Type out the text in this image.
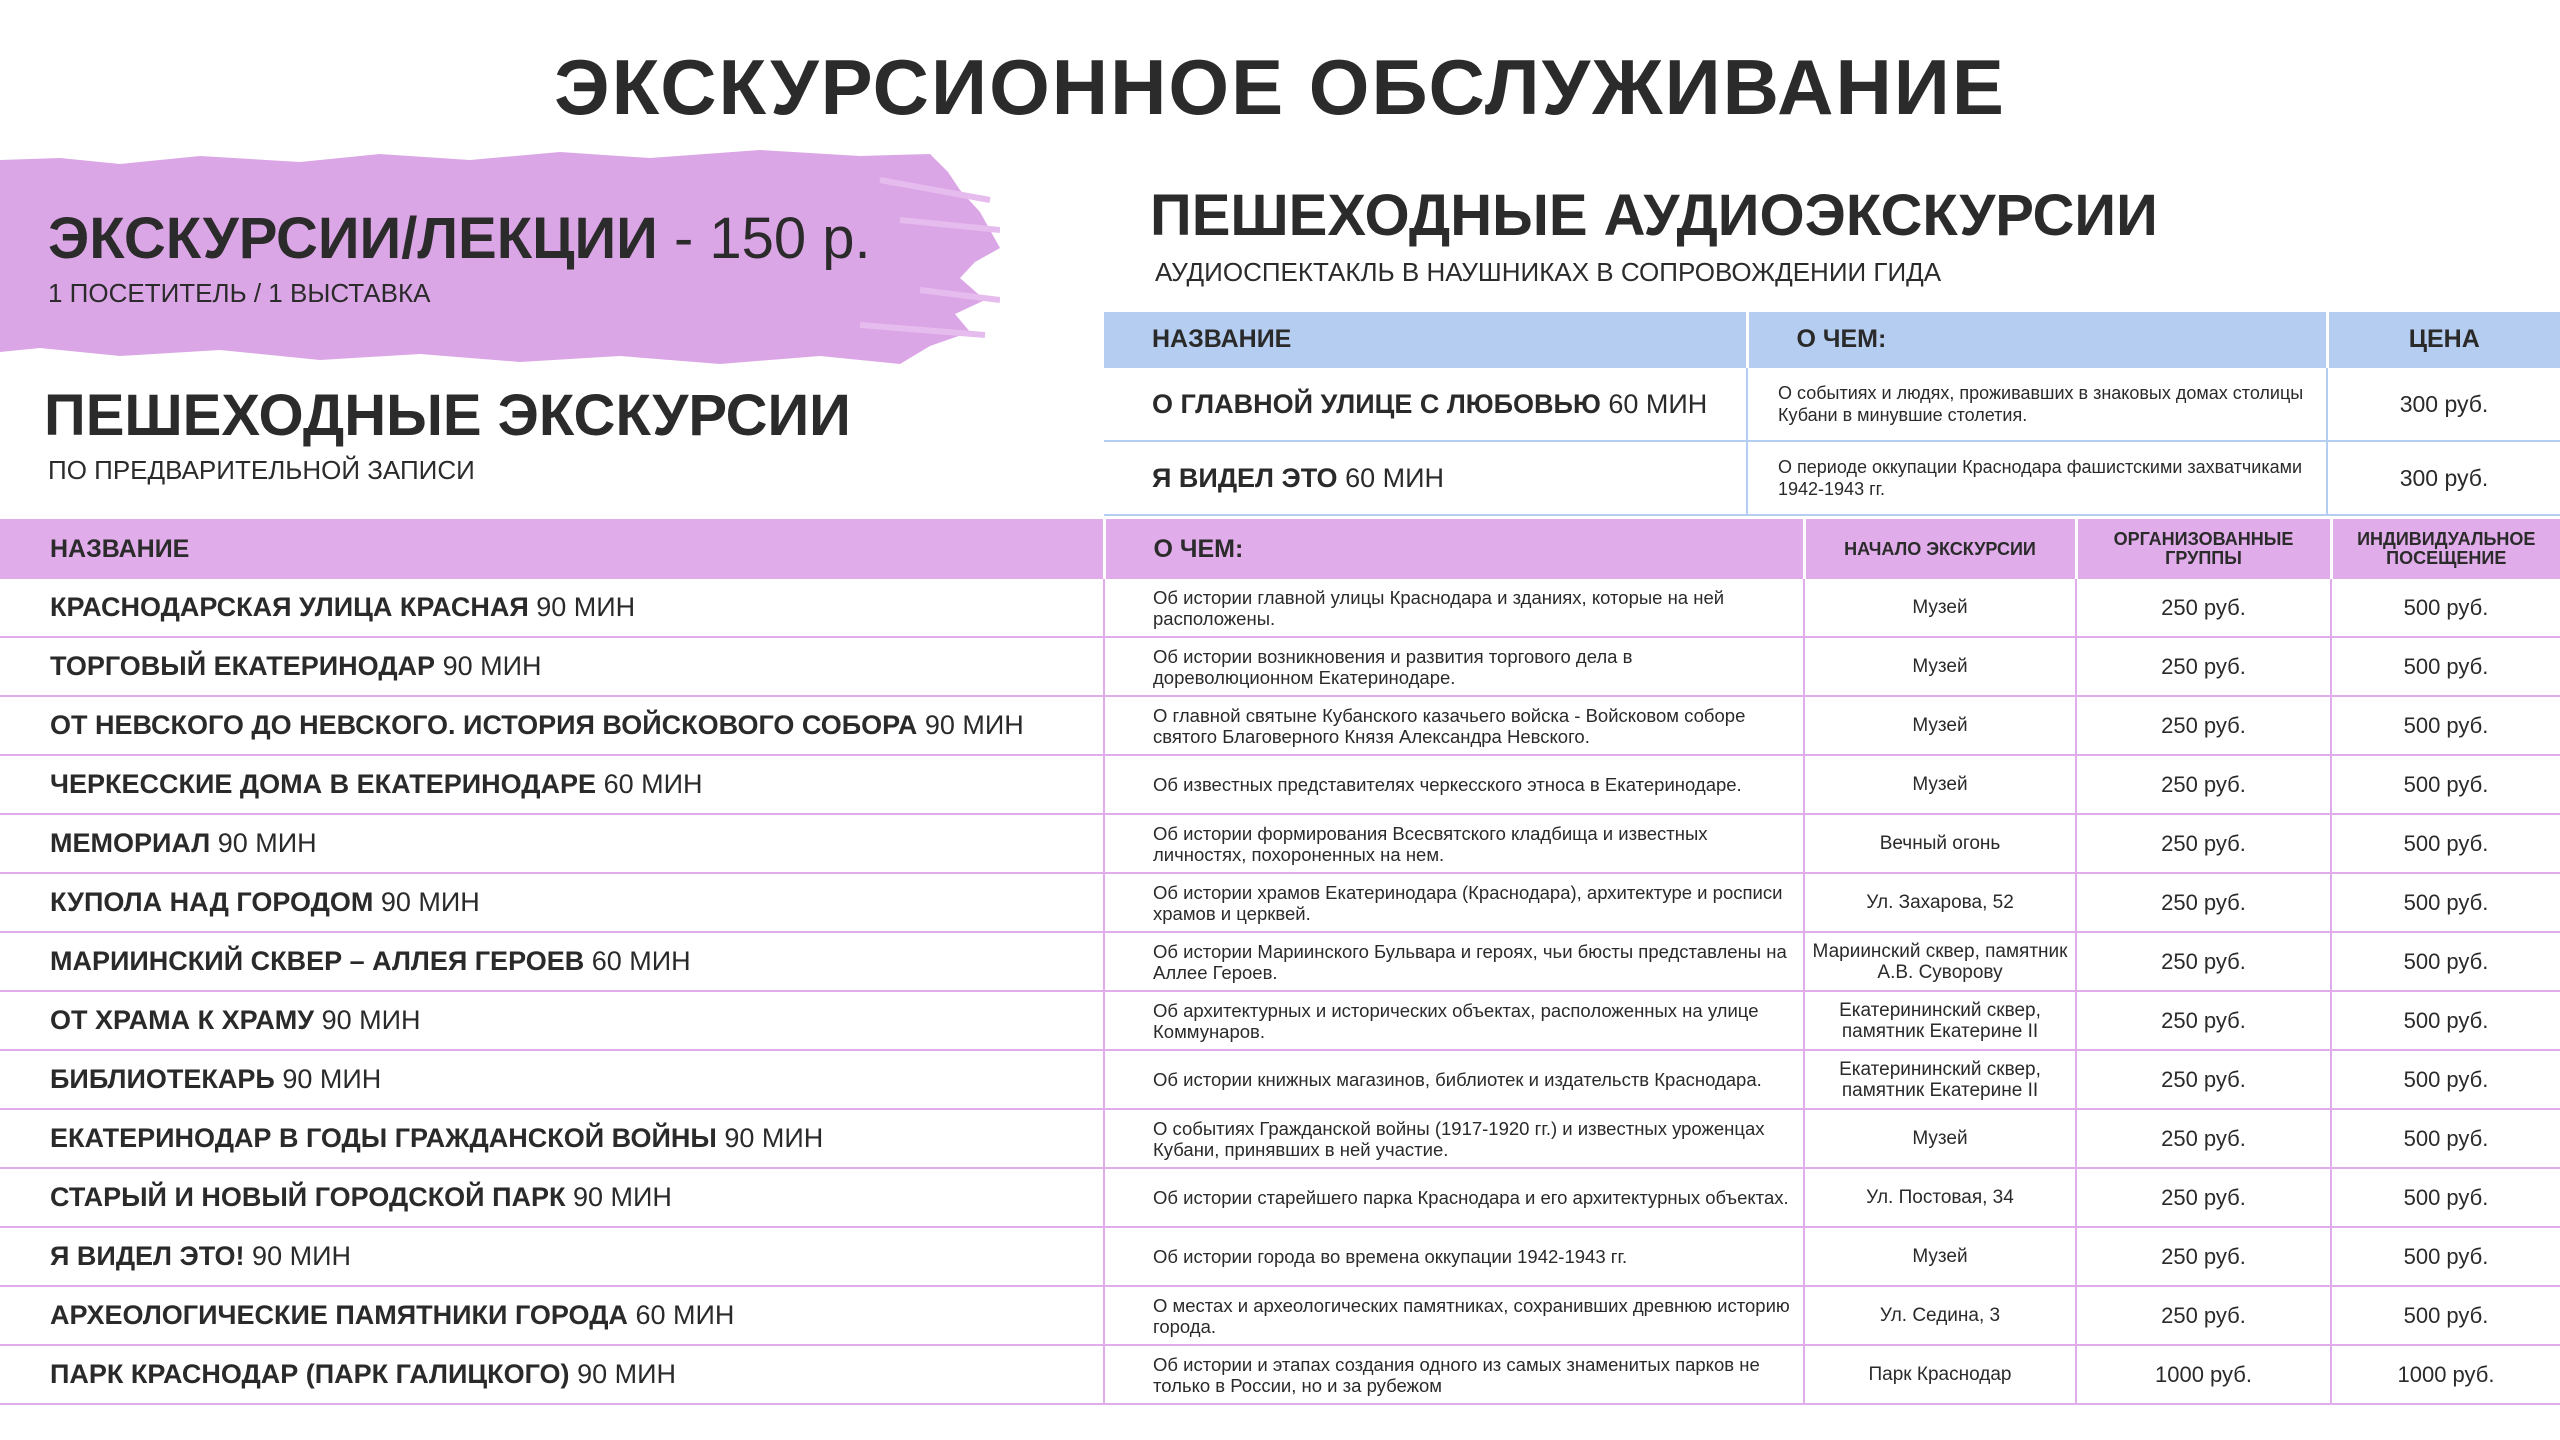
ЭКСКУРСИОННОЕ ОБСЛУЖИВАНИЕ
ЭКСКУРСИИ/ЛЕКЦИИ - 150 р.
1 ПОСЕТИТЕЛЬ / 1 ВЫСТАВКА
ПЕШЕХОДНЫЕ ЭКСКУРСИИ
ПО ПРЕДВАРИТЕЛЬНОЙ ЗАПИСИ
ПЕШЕХОДНЫЕ АУДИОЭКСКУРСИИ
АУДИОСПЕКТАКЛЬ В НАУШНИКАХ В СОПРОВОЖДЕНИИ ГИДА
НАЗВАНИЕ	О ЧЕМ:	ЦЕНА
О ГЛАВНОЙ УЛИЦЕ С ЛЮБОВЬЮ 60 МИН	О событиях и людях, проживавших в знаковых домах столицы Кубани в минувшие столетия.	300 руб.
Я ВИДЕЛ ЭТО 60 МИН	О периоде оккупации Краснодара фашистскими захватчиками 1942-1943 гг.	300 руб.
НАЗВАНИЕ	О ЧЕМ:	НАЧАЛО ЭКСКУРСИИ	ОРГАНИЗОВАННЫЕ ГРУППЫ	ИНДИВИДУАЛЬНОЕ ПОСЕЩЕНИЕ
КРАСНОДАРСКАЯ УЛИЦА КРАСНАЯ 90 МИН	Об истории главной улицы Краснодара и зданиях, которые на ней расположены.	Музей	250 руб.	500 руб.
ТОРГОВЫЙ ЕКАТЕРИНОДАР 90 МИН	Об истории возникновения и развития торгового дела в дореволюционном Екатеринодаре.	Музей	250 руб.	500 руб.
ОТ НЕВСКОГО ДО НЕВСКОГО. ИСТОРИЯ ВОЙСКОВОГО СОБОРА 90 МИН	О главной святыне Кубанского казачьего войска - Войсковом соборе святого Благоверного Князя Александра Невского.	Музей	250 руб.	500 руб.
ЧЕРКЕССКИЕ ДОМА В ЕКАТЕРИНОДАРЕ 60 МИН	Об известных представителях черкесского этноса в Екатеринодаре.	Музей	250 руб.	500 руб.
МЕМОРИАЛ 90 МИН	Об истории формирования Всесвятского кладбища и известных личностях, похороненных на нем.	Вечный огонь	250 руб.	500 руб.
КУПОЛА НАД ГОРОДОМ 90 МИН	Об истории храмов Екатеринодара (Краснодара), архитектуре и росписи храмов и церквей.	Ул. Захарова, 52	250 руб.	500 руб.
МАРИИНСКИЙ СКВЕР – АЛЛЕЯ ГЕРОЕВ 60 МИН	Об истории Мариинского Бульвара и героях, чьи бюсты представлены на Аллее Героев.	Мариинский сквер, памятник А.В. Суворову	250 руб.	500 руб.
ОТ ХРАМА К ХРАМУ 90 МИН	Об архитектурных и исторических объектах, расположенных на улице Коммунаров.	Екатерининский сквер, памятник Екатерине II	250 руб.	500 руб.
БИБЛИОТЕКАРЬ 90 МИН	Об истории книжных магазинов, библиотек и издательств Краснодара.	Екатерининский сквер, памятник Екатерине II	250 руб.	500 руб.
ЕКАТЕРИНОДАР В ГОДЫ ГРАЖДАНСКОЙ ВОЙНЫ 90 МИН	О событиях Гражданской войны (1917-1920 гг.) и известных уроженцах Кубани, принявших в ней участие.	Музей	250 руб.	500 руб.
СТАРЫЙ И НОВЫЙ ГОРОДСКОЙ ПАРК 90 МИН	Об истории старейшего парка Краснодара и его архитектурных объектах.	Ул. Постовая, 34	250 руб.	500 руб.
Я ВИДЕЛ ЭТО! 90 МИН	Об истории города во времена оккупации 1942-1943 гг.	Музей	250 руб.	500 руб.
АРХЕОЛОГИЧЕСКИЕ ПАМЯТНИКИ ГОРОДА 60 МИН	О местах и археологических памятниках, сохранивших древнюю историю города.	Ул. Седина, 3	250 руб.	500 руб.
ПАРК КРАСНОДАР (ПАРК ГАЛИЦКОГО) 90 МИН	Об истории и этапах создания одного из самых знаменитых парков не только в России, но и за рубежом	Парк Краснодар	1000 руб.	1000 руб.
